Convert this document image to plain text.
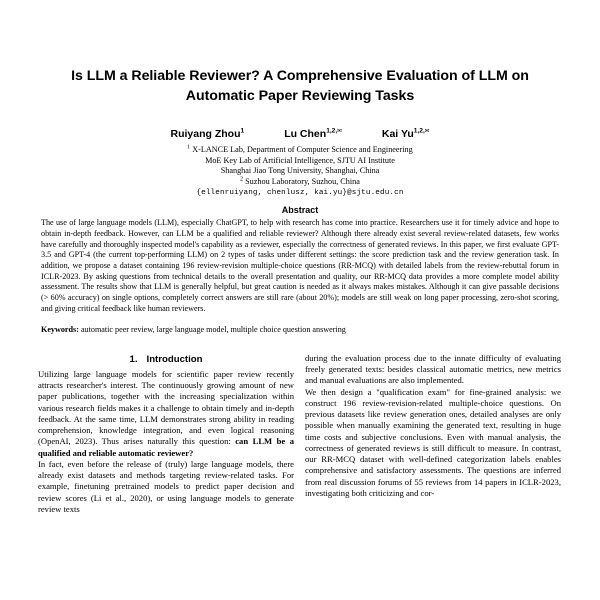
Is LLM a Reliable Reviewer? A Comprehensive Evaluation of LLM on Automatic Paper Reviewing Tasks
Ruiyang Zhou$^1$	Lu Chen$^{1,2,✉}$	Kai $Yu^{1,2,✉}$
$^1$ X-LANCE Lab, Department of Computer Science and Engineering
MoE Key Lab of Artificial Intelligence, SJTU AI Institute
Shanghai Jiao Tong University, Shanghai, China
$^2$ Suzhou Laboratory, Suzhou, China
{ellenruiyang, chenlusz, kai.yu}@sjtu.edu.cn
Abstract
The use of large language models (LLM), especially ChatGPT, to help with research has come into practice. Researchers use it for timely advice and hope to obtain in-depth feedback. However, can LLM be a qualified and reliable reviewer? Although there already exist several review-related datasets, few works have carefully and thoroughly inspected model's capability as a reviewer, especially the correctness of generated reviews. In this paper, we first evaluate GPT-3.5 and GPT-4 (the current top-performing LLM) on 2 types of tasks under different settings: the score prediction task and the review generation task. In addition, we propose a dataset containing 196 review-revision multiple-choice questions (RR-MCQ) with detailed labels from the review-rebuttal forum in ICLR-2023. By asking questions from technical details to the overall presentation and quality, our RR-MCQ data provides a more complete model ability assessment. The results show that LLM is generally helpful, but great caution is needed as it always makes mistakes. Although it can give passable decisions (> 60% accuracy) on single options, completely correct answers are still rare (about 20%); models are still weak on long paper processing, zero-shot scoring, and giving critical feedback like human reviewers.
Keywords: automatic peer review, large language model, multiple choice question answering
1. Introduction

Utilizing large language models for scientific paper review recently attracts researcher's interest. The continuously growing amount of new paper publications, together with the increasing specialization within various research fields makes it a challenge to obtain timely and in-depth feedback. At the same time, LLM demonstrates strong ability in reading comprehension, knowledge integration, and even logical reasoning (OpenAI, 2023). Thus arises naturally this question: can LLM be a qualified and reliable automatic reviewer?

In fact, even before the release of (truly) large language models, there already exist datasets and methods targeting review-related tasks. For example, finetuning pretrained models to predict paper decision and review scores (Li et al., 2020), or using language models to generate review texts

during the evaluation process due to the innate difficulty of evaluating freely generated texts: besides classical automatic metrics, new metrics and manual evaluations are also implemented.

We then design a "qualification exam" for fine-grained analysis: we construct 196 review-revision-related multiple-choice questions. On previous datasets like review generation ones, detailed analyses are only possible when manually examining the generated text, resulting in huge time costs and subjective conclusions. Even with manual analysis, the correctness of generated reviews is still difficult to measure. In contrast, our RR-MCQ dataset with well-defined categorization labels enables comprehensive and satisfactory assessments. The questions are inferred from real discussion forums of 55 reviews from 14 papers in ICLR-2023, investigating both criticizing and cor-
